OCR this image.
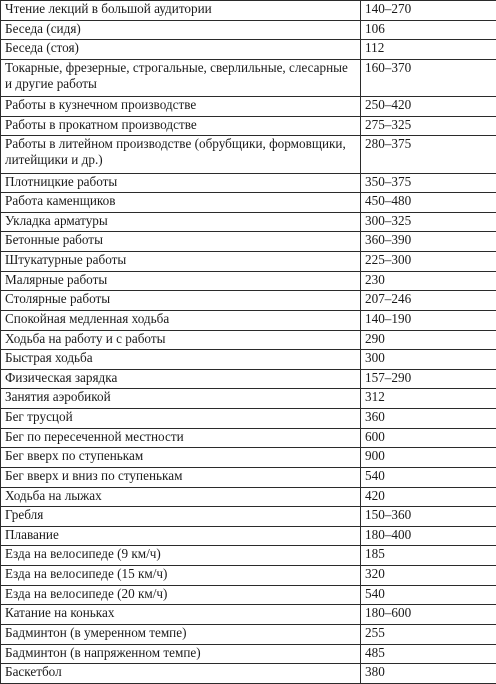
Чтение лекций в большой аудитории	140–270
Беседа (сидя)	106
Беседа (стоя)	112
Токарные, фрезерные, строгальные, сверлильные, слесарные и другие работы	160–370
Работы в кузнечном производстве	250–420
Работы в прокатном производстве	275–325
Работы в литейном производстве (обрубщики, формовщики, литейщики и др.)	280–375
Плотницкие работы	350–375
Работа каменщиков	450–480
Укладка арматуры	300–325
Бетонные работы	360–390
Штукатурные работы	225–300
Малярные работы	230
Столярные работы	207–246
Спокойная медленная ходьба	140–190
Ходьба на работу и с работы	290
Быстрая ходьба	300
Физическая зарядка	157–290
Занятия аэробикой	312
Бег трусцой	360
Бег по пересеченной местности	600
Бег вверх по ступенькам	900
Бег вверх и вниз по ступенькам	540
Ходьба на лыжах	420
Гребля	150–360
Плавание	180–400
Езда на велосипеде (9 км/ч)	185
Езда на велосипеде (15 км/ч)	320
Езда на велосипеде (20 км/ч)	540
Катание на коньках	180–600
Бадминтон (в умеренном темпе)	255
Бадминтон (в напряженном темпе)	485
Баскетбол	380
